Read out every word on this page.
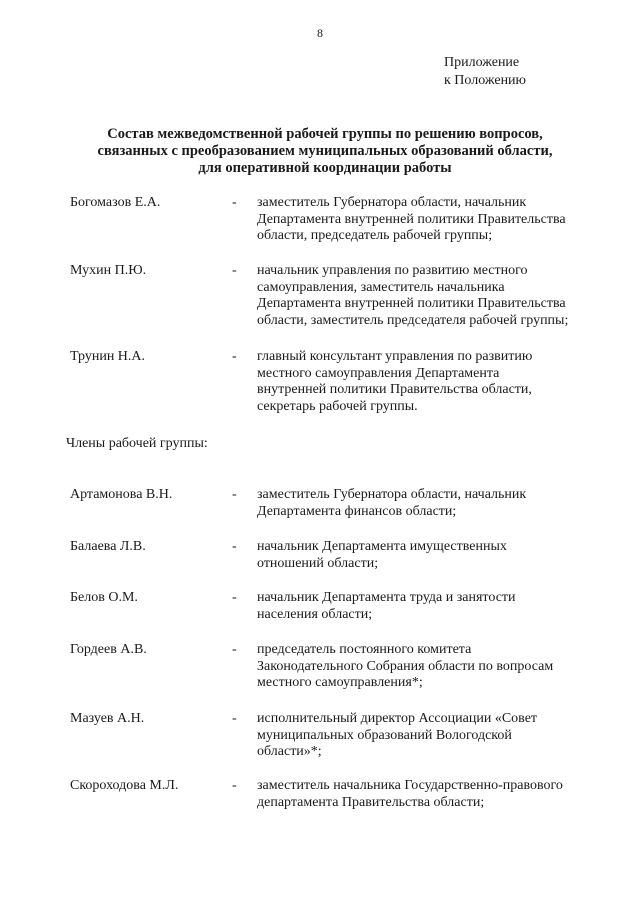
8
Приложение
к Положению
Состав межведомственной рабочей группы по решению вопросов,
связанных с преобразованием муниципальных образований области,
для оперативной координации работы
Богомазов Е.А.	- заместитель Губернатора области, начальник
Департамента внутренней политики Правительства
области, председатель рабочей группы;
Мухин П.Ю.	- начальник управления по развитию местного
самоуправления, заместитель начальника
Департамента внутренней политики Правительства
области, заместитель председателя рабочей группы;
Трунин Н.А.	- главный консультант управления по развитию
местного самоуправления Департамента
внутренней политики Правительства области,
секретарь рабочей группы.
Члены рабочей группы:
Артамонова В.Н.	- заместитель Губернатора области, начальник
Департамента финансов области;
Балаева Л.В.	- начальник Департамента имущественных
отношений области;
Белов О.М.	- начальник Департамента труда и занятости
населения области;
Гордеев А.В.	- председатель постоянного комитета
Законодательного Собрания области по вопросам
местного самоуправления*;
Мазуев А.Н.	- исполнительный директор Ассоциации «Совет
муниципальных образований Вологодской
области»*;
Скороходова М.Л.	- заместитель начальника Государственно-правового
департамента Правительства области;
